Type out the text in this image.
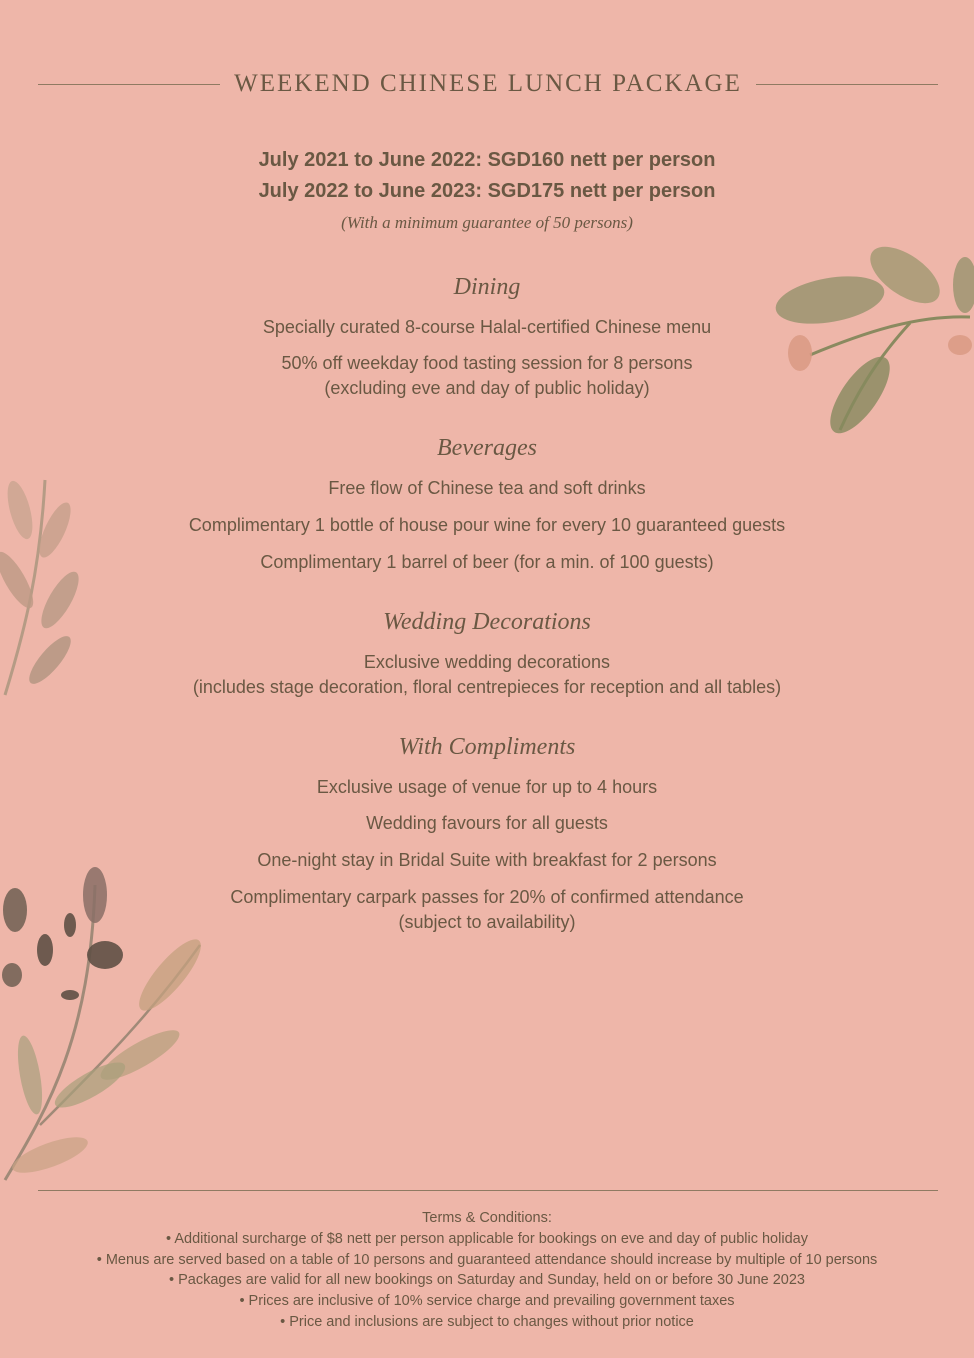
WEEKEND CHINESE LUNCH PACKAGE
July 2021 to June 2022: SGD160 nett per person
July 2022 to June 2023: SGD175 nett per person
(With a minimum guarantee of 50 persons)
Dining
Specially curated 8-course Halal-certified Chinese menu
50% off weekday food tasting session for 8 persons
(excluding eve and day of public holiday)
Beverages
Free flow of Chinese tea and soft drinks
Complimentary 1 bottle of house pour wine for every 10 guaranteed guests
Complimentary 1 barrel of beer (for a min. of 100 guests)
Wedding Decorations
Exclusive wedding decorations
(includes stage decoration, floral centrepieces for reception and all tables)
With Compliments
Exclusive usage of venue for up to 4 hours
Wedding favours for all guests
One-night stay in Bridal Suite with breakfast for 2 persons
Complimentary carpark passes for 20% of confirmed attendance
(subject to availability)
Terms & Conditions:
• Additional surcharge of $8 nett per person applicable for bookings on eve and day of public holiday
• Menus are served based on a table of 10 persons and guaranteed attendance should increase by multiple of 10 persons
• Packages are valid for all new bookings on Saturday and Sunday, held on or before 30 June 2023
• Prices are inclusive of 10% service charge and prevailing government taxes
• Price and inclusions are subject to changes without prior notice
